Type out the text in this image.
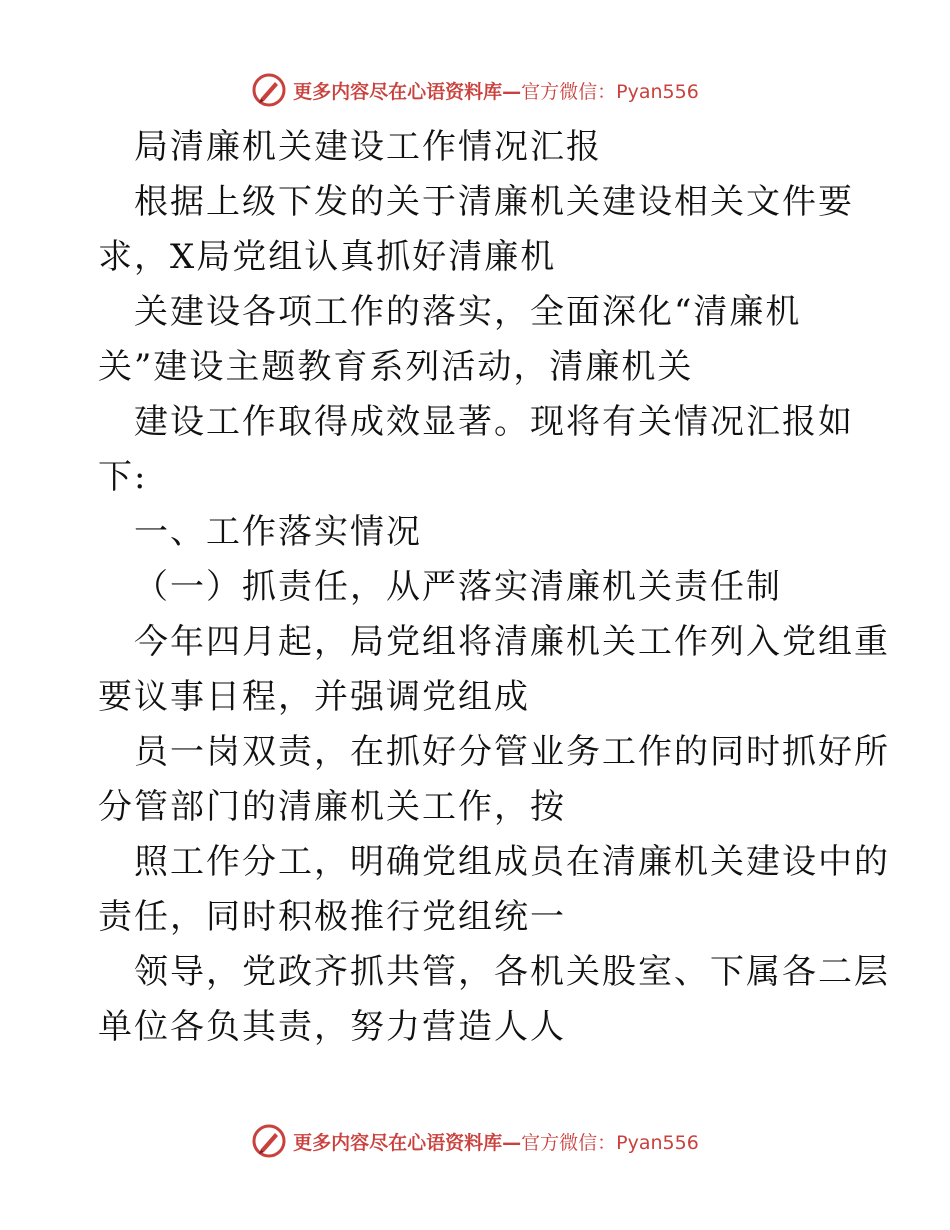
更多内容尽在心语资料库—官方微信：Pyan556

局清廉机关建设工作情况汇报

根据上级下发的关于清廉机关建设相关文件要

求，X局党组认真抓好清廉机

关建设各项工作的落实，全面深化“清廉机

关”建设主题教育系列活动，清廉机关

建设工作取得成效显著。现将有关情况汇报如

下:

一、工作落实情况

（一）抓责任，从严落实清廉机关责任制

今年四月起，局党组将清廉机关工作列入党组重

要议事日程，并强调党组成

员一岗双责，在抓好分管业务工作的同时抓好所

分管部门的清廉机关工作，按

照工作分工，明确党组成员在清廉机关建设中的

责任，同时积极推行党组统一

领导，党政齐抓共管，各机关股室、下属各二层

单位各负其责，努力营造人人

更多内容尽在心语资料库—官方微信：Pyan556
